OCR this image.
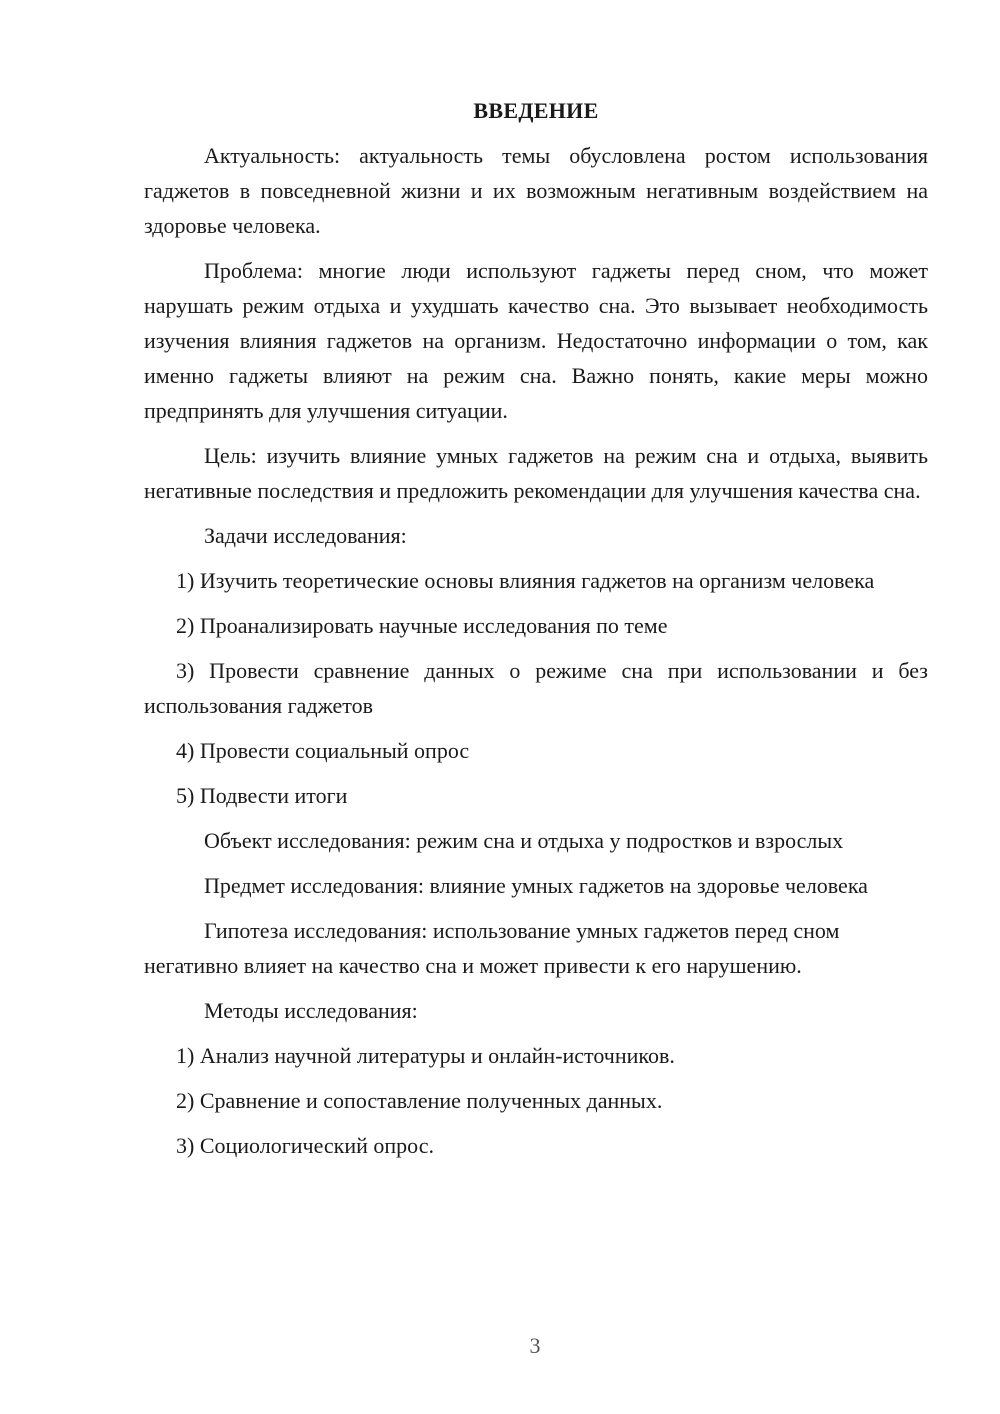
ВВЕДЕНИЕ

Актуальность: актуальность темы обусловлена ростом использования гаджетов в повседневной жизни и их возможным негативным воздействием на здоровье человека.

Проблема: многие люди используют гаджеты перед сном, что может нарушать режим отдыха и ухудшать качество сна. Это вызывает необходимость изучения влияния гаджетов на организм. Недостаточно информации о том, как именно гаджеты влияют на режим сна. Важно понять, какие меры можно предпринять для улучшения ситуации.

Цель: изучить влияние умных гаджетов на режим сна и отдыха, выявить негативные последствия и предложить рекомендации для улучшения качества сна.

Задачи исследования:

1) Изучить теоретические основы влияния гаджетов на организм человека

2) Проанализировать научные исследования по теме

3) Провести сравнение данных о режиме сна при использовании и без использования гаджетов

4) Провести социальный опрос

5) Подвести итоги

Объект исследования: режим сна и отдыха у подростков и взрослых

Предмет исследования: влияние умных гаджетов на здоровье человека

Гипотеза исследования: использование умных гаджетов перед сном негативно влияет на качество сна и может привести к его нарушению.

Методы исследования:

1) Анализ научной литературы и онлайн-источников.

2) Сравнение и сопоставление полученных данных.

3) Социологический опрос.

3
